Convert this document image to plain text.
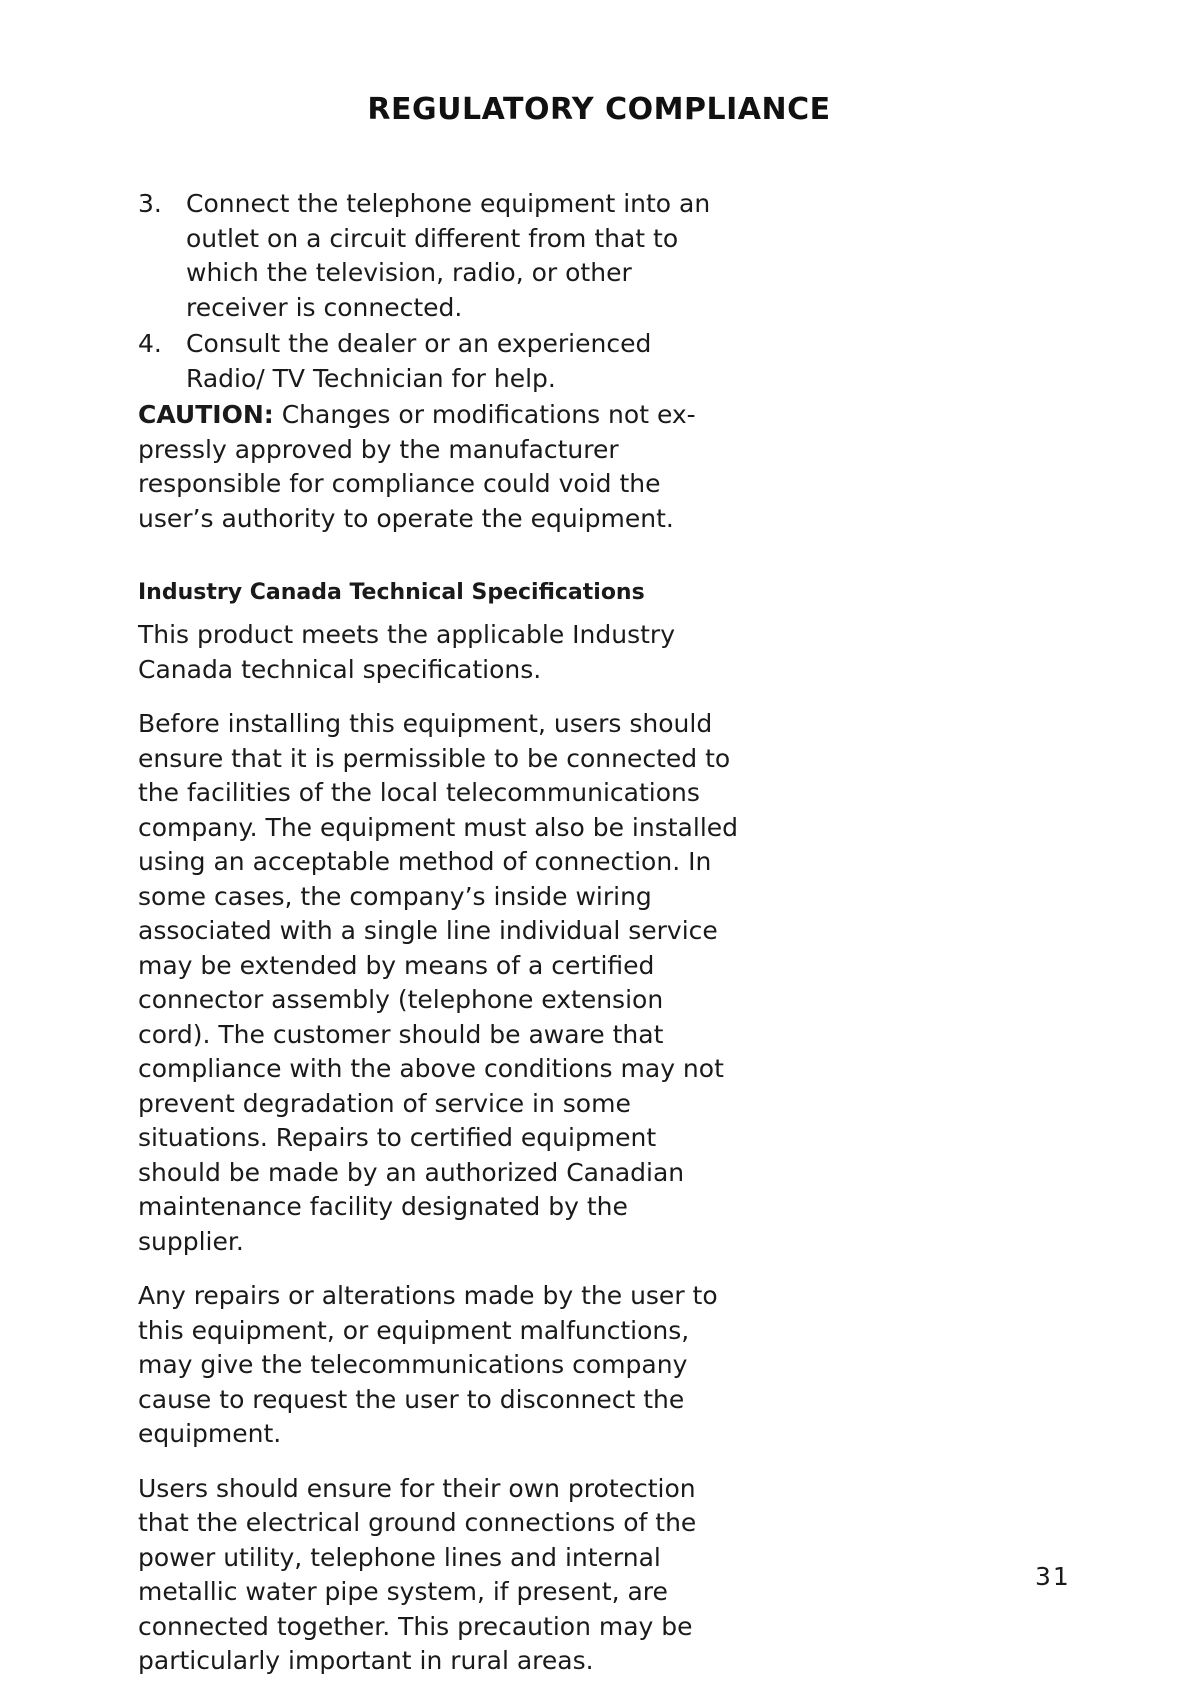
REGULATORY COMPLIANCE
3. Connect the telephone equipment into an outlet on a circuit different from that to which the television, radio, or other receiver is connected.
4. Consult the dealer or an experienced Radio/ TV Technician for help.

CAUTION: Changes or modifications not ex-pressly approved by the manufacturer responsible for compliance could void the user’s authority to operate the equipment.

Industry Canada Technical Specifications

This product meets the applicable Industry Canada technical specifications.

Before installing this equipment, users should ensure that it is permissible to be connected to the facilities of the local telecommunications company. The equipment must also be installed using an acceptable method of connection. In some cases, the company’s inside wiring associated with a single line individual service may be extended by means of a certified connector assembly (telephone extension cord). The customer should be aware that compliance with the above conditions may not prevent degradation of service in some situations. Repairs to certified equipment should be made by an authorized Canadian maintenance facility designated by the supplier.

Any repairs or alterations made by the user to this equipment, or equipment malfunctions, may give the telecommunications company cause to request the user to disconnect the equipment.

Users should ensure for their own protection that the electrical ground connections of the power utility, telephone lines and internal metallic water pipe system, if present, are connected together. This precaution may be particularly important in rural areas.

31
